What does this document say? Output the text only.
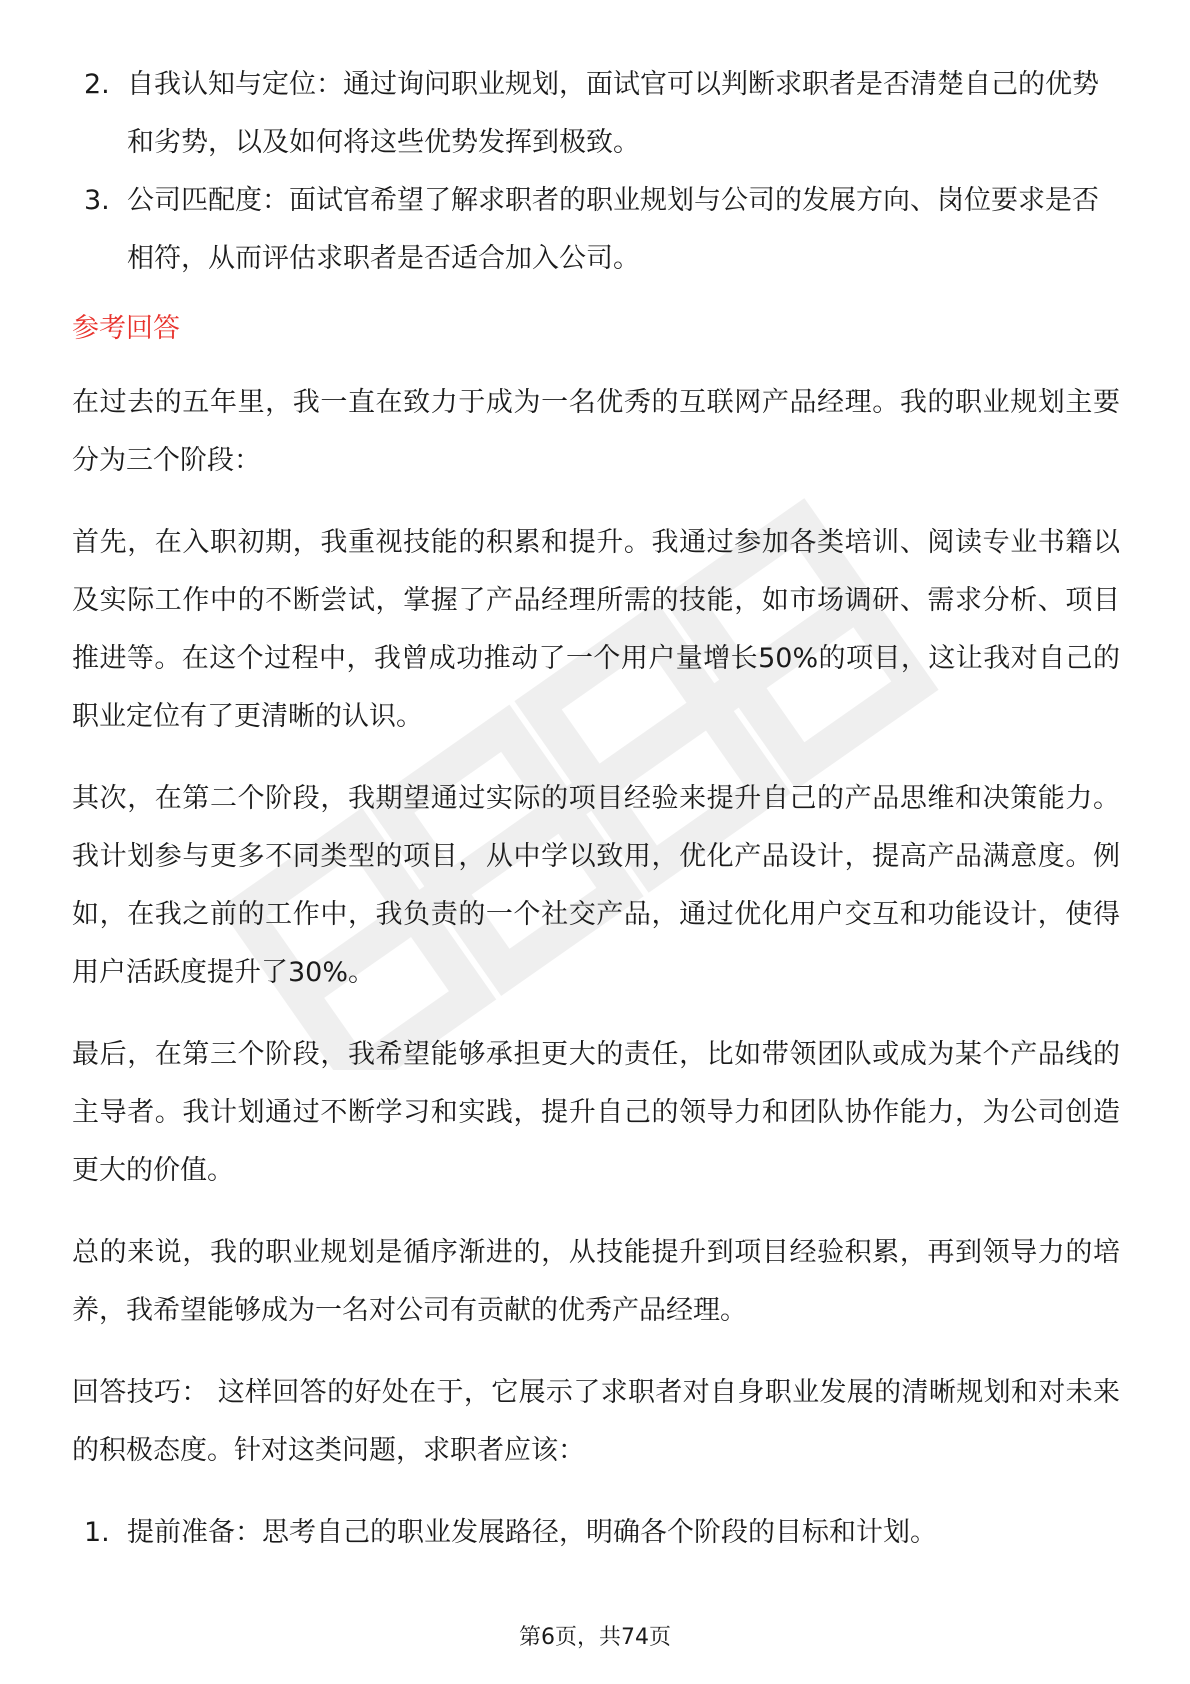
2. 自我认知与定位：通过询问职业规划，面试官可以判断求职者是否清楚自己的优势和劣势，以及如何将这些优势发挥到极致。
3. 公司匹配度：面试官希望了解求职者的职业规划与公司的发展方向、岗位要求是否相符，从而评估求职者是否适合加入公司。
参考回答

在过去的五年里，我一直在致力于成为一名优秀的互联网产品经理。我的职业规划主要分为三个阶段：

首先，在入职初期，我重视技能的积累和提升。我通过参加各类培训、阅读专业书籍以及实际工作中的不断尝试，掌握了产品经理所需的技能，如市场调研、需求分析、项目推进等。在这个过程中，我曾成功推动了一个用户量增长50%的项目，这让我对自己的职业定位有了更清晰的认识。

其次，在第二个阶段，我期望通过实际的项目经验来提升自己的产品思维和决策能力。我计划参与更多不同类型的项目，从中学以致用，优化产品设计，提高产品满意度。例如，在我之前的工作中，我负责的一个社交产品，通过优化用户交互和功能设计，使得用户活跃度提升了30%。

最后，在第三个阶段，我希望能够承担更大的责任，比如带领团队或成为某个产品线的主导者。我计划通过不断学习和实践，提升自己的领导力和团队协作能力，为公司创造更大的价值。

总的来说，我的职业规划是循序渐进的，从技能提升到项目经验积累，再到领导力的培养，我希望能够成为一名对公司有贡献的优秀产品经理。

回答技巧： 这样回答的好处在于，它展示了求职者对自身职业发展的清晰规划和对未来的积极态度。针对这类问题，求职者应该：

1. 提前准备：思考自己的职业发展路径，明确各个阶段的目标和计划。
第6页，共74页
